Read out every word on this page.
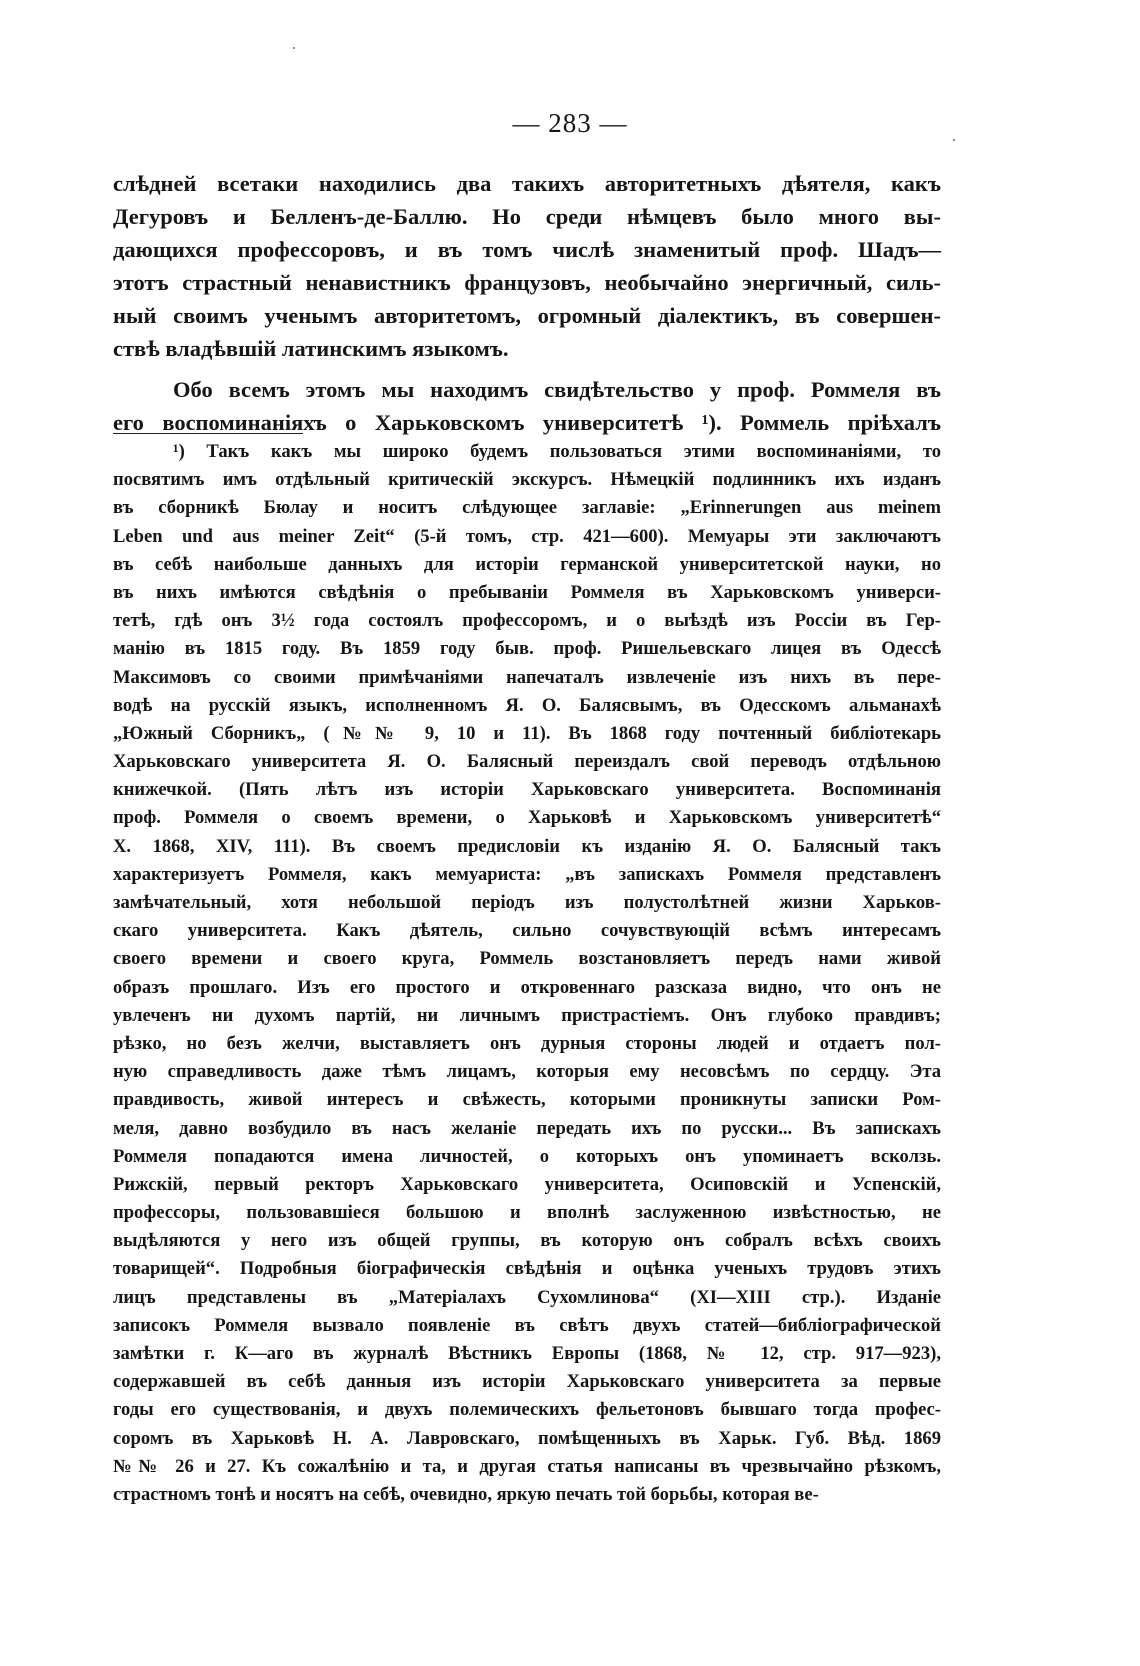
— 283 —
слѣдней всетаки находились два такихъ авторитетныхъ дѣятеля, какъ
Дегуровъ и Белленъ-де-Баллю. Но среди нѣмцевъ было много вы-
дающихся профессоровъ, и въ томъ числѣ знаменитый проф. Шадъ—
этотъ страстный ненавистникъ французовъ, необычайно энергичный, силь-
ный своимъ ученымъ авторитетомъ, огромный діалектикъ, въ совершен-
ствѣ владѣвшій латинскимъ языкомъ.
Обо всемъ этомъ мы находимъ свидѣтельство у проф. Роммеля въ
его воспоминаніяхъ о Харьковскомъ университетѣ ¹). Роммель пріѣхалъ
¹) Такъ какъ мы широко будемъ пользоваться этими воспоминаніями, то
посвятимъ имъ отдѣльный критическій экскурсъ. Нѣмецкій подлинникъ ихъ изданъ
въ сборникѣ Бюлау и носитъ слѣдующее заглавіе: „Erinnerungen aus meinem
Leben und aus meiner Zeit“ (5-й томъ, стр. 421—600). Мемуары эти заключаютъ
въ себѣ наибольше данныхъ для исторіи германской университетской науки, но
въ нихъ имѣются свѣдѣнія о пребываніи Роммеля въ Харьковскомъ универси-
тетѣ, гдѣ онъ 3½ года состоялъ профессоромъ, и о выѣздѣ изъ Россіи въ Гер-
манію въ 1815 году. Въ 1859 году быв. проф. Ришельевскаго лицея въ Одессѣ
Максимовъ со своими примѣчаніями напечаталъ извлеченіе изъ нихъ въ пере-
водѣ на русскій языкъ, исполненномъ Я. О. Балясвымъ, въ Одесскомъ альманахѣ
„Южный Сборникъ„ (№№ 9, 10 и 11). Въ 1868 году почтенный библіотекарь
Харьковскаго университета Я. О. Балясный переиздалъ свой переводъ отдѣльною
книжечкой. (Пять лѣтъ изъ исторіи Харьковскаго университета. Воспоминанія
проф. Роммеля о своемъ времени, о Харьковѣ и Харьковскомъ университетѣ“
Х. 1868, XIV, 111). Въ своемъ предисловіи къ изданію Я. О. Балясный такъ
характеризуетъ Роммеля, какъ мемуариста: „въ запискахъ Роммеля представленъ
замѣчательный, хотя небольшой періодъ изъ полустолѣтней жизни Харьков-
скаго университета. Какъ дѣятель, сильно сочувствующій всѣмъ интересамъ
своего времени и своего круга, Роммель возстановляетъ передъ нами живой
образъ прошлаго. Изъ его простого и откровеннаго разсказа видно, что онъ не
увлеченъ ни духомъ партій, ни личнымъ пристрастіемъ. Онъ глубоко правдивъ;
рѣзко, но безъ желчи, выставляетъ онъ дурныя стороны людей и отдаетъ пол-
ную справедливость даже тѣмъ лицамъ, которыя ему несовсѣмъ по сердцу. Эта
правдивость, живой интересъ и свѣжесть, которыми проникнуты записки Ром-
меля, давно возбудило въ насъ желаніе передать ихъ по русски... Въ запискахъ
Роммеля попадаются имена личностей, о которыхъ онъ упоминаетъ всколзь.
Рижскій, первый ректоръ Харьковскаго университета, Осиповскій и Успенскій,
профессоры, пользовавшіеся большою и вполнѣ заслуженною извѣстностью, не
выдѣляются у него изъ общей группы, въ которую онъ собралъ всѣхъ своихъ
товарищей“. Подробныя біографическія свѣдѣнія и оцѣнка ученыхъ трудовъ этихъ
лицъ представлены въ „Матеріалахъ Сухомлинова“ (XI—XIII стр.). Изданіе
записокъ Роммеля вызвало появленіе въ свѣтъ двухъ статей—библіографической
замѣтки г. К—аго въ журналѣ Вѣстникъ Европы (1868, № 12, стр. 917—923),
содержавшей въ себѣ данныя изъ исторіи Харьковскаго университета за первые
годы его существованія, и двухъ полемическихъ фельетоновъ бывшаго тогда профес-
соромъ въ Харьковѣ Н. А. Лавровскаго, помѣщенныхъ въ Харьк. Губ. Вѣд. 1869
№№ 26 и 27. Къ сожалѣнію и та, и другая статья написаны въ чрезвычайно рѣзкомъ,
страстномъ тонѣ и носятъ на себѣ, очевидно, яркую печать той борьбы, которая ве-
